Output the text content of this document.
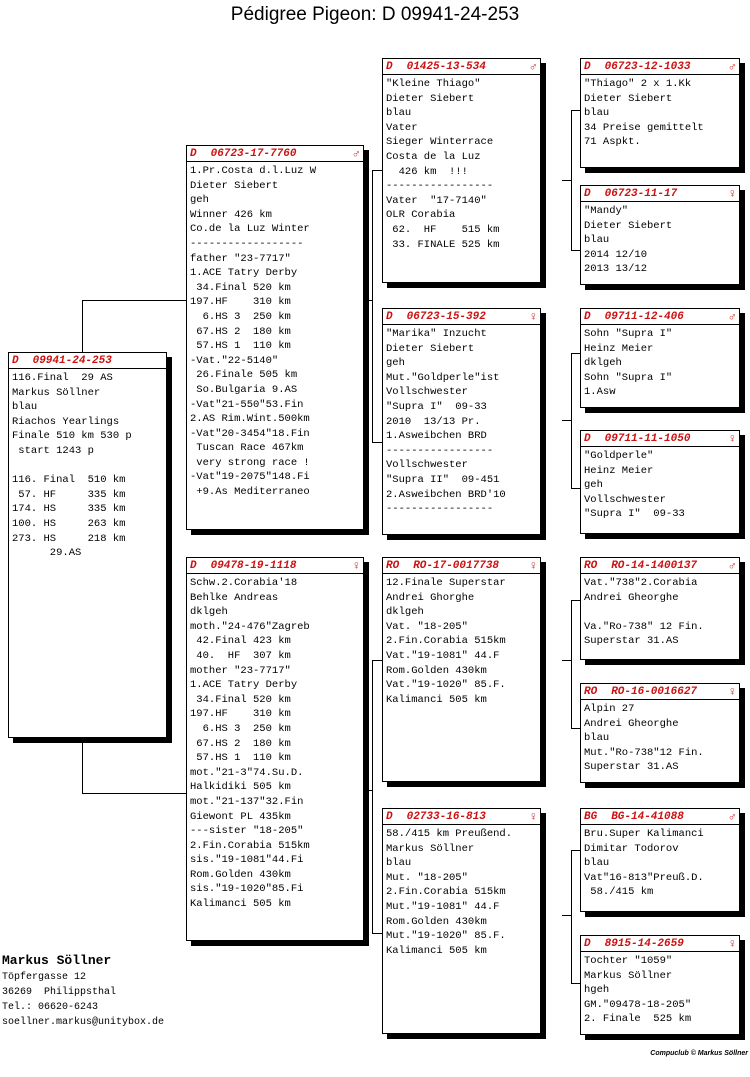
Pédigree Pigeon: D 09941-24-253
D 09941-24-253
116.Final  29 AS
Markus Söllner
blau
Riachos Yearlings
Finale 510 km 530 p
start 1243 p
116. Final  510 km
57. HF     335 km
174. HS     335 km
100. HS     263 km
273. HS     218 km
29.AS
D 06723-17-7760	♂
1.Pr.Costa d.l.Luz W
Dieter Siebert
geh
Winner 426 km
Co.de la Luz Winter
------------------
father "23-7717"
1.ACE Tatry Derby
34.Final 520 km
197.HF    310 km
6.HS 3  250 km
67.HS 2  180 km
57.HS 1  110 km
-Vat."22-5140"
26.Finale 505 km
So.Bulgaria 9.AS
-Vat"21-550"53.Fin
2.AS Rim.Wint.500km
-Vat"20-3454"18.Fin
Tuscan Race 467km
very strong race !
-Vat"19-2075"148.Fi
+9.As Mediterraneo
D 09478-19-1118	♀
Schw.2.Corabia'18
Behlke Andreas
dklgeh
moth."24-476"Zagreb
42.Final 423 km
40.  HF  307 km
mother "23-7717"
1.ACE Tatry Derby
34.Final 520 km
197.HF    310 km
6.HS 3  250 km
67.HS 2  180 km
57.HS 1  110 km
mot."21-3"74.Su.D.
Halkidiki 505 km
mot."21-137"32.Fin
Giewont PL 435km
---sister "18-205"
2.Fin.Corabia 515km
sis."19-1081"44.Fi
Rom.Golden 430km
sis."19-1020"85.Fi
Kalimanci 505 km
D 01425-13-534	♂
"Kleine Thiago"
Dieter Siebert
blau
Vater
Sieger Winterrace
Costa de la Luz
426 km  !!!
-----------------
Vater  "17-7140"
OLR Corabia
62.  HF    515 km
33. FINALE 525 km
D 06723-15-392	♀
"Marika" Inzucht
Dieter Siebert
geh
Mut."Goldperle"ist
Vollschwester
"Supra I"  09-33
2010  13/13 Pr.
1.Asweibchen BRD
-----------------
Vollschwester
"Supra II"  09-451
2.Asweibchen BRD'10
-----------------
RO RO-17-0017738	♀
12.Finale Superstar
Andrei Ghorghe
dklgeh
Vat. "18-205"
2.Fin.Corabia 515km
Vat."19-1081" 44.F
Rom.Golden 430km
Vat."19-1020" 85.F.
Kalimanci 505 km
D 02733-16-813	♀
58./415 km Preußend.
Markus Söllner
blau
Mut. "18-205"
2.Fin.Corabia 515km
Mut."19-1081" 44.F
Rom.Golden 430km
Mut."19-1020" 85.F.
Kalimanci 505 km
D 06723-12-1033	♂
"Thiago" 2 x 1.Kk
Dieter Siebert
blau
34 Preise gemittelt
71 Aspkt.
D 06723-11-17	♀
"Mandy"
Dieter Siebert
blau
2014 12/10
2013 13/12
D 09711-12-406	♂
Sohn "Supra I"
Heinz Meier
dklgeh
Sohn "Supra I"
1.Asw
D 09711-11-1050	♀
"Goldperle"
Heinz Meier
geh
Vollschwester
"Supra I"  09-33
RO RO-14-1400137	♂
Vat."738"2.Corabia
Andrei Gheorghe
Va."Ro-738" 12 Fin.
Superstar 31.AS
RO RO-16-0016627	♀
Alpin 27
Andrei Gheorghe
blau
Mut."Ro-738"12 Fin.
Superstar 31.AS
BG BG-14-41088	♂
Bru.Super Kalimanci
Dimitar Todorov
blau
Vat"16-813"Preuß.D.
58./415 km
D 8915-14-2659	♀
Tochter "1059"
Markus Söllner
hgeh
GM."09478-18-205"
2. Finale  525 km
Markus Söllner
Töpfergasse 12
36269  Philippsthal
Tel.: 06620-6243
soellner.markus@unitybox.de
Compuclub © Markus Söllner
